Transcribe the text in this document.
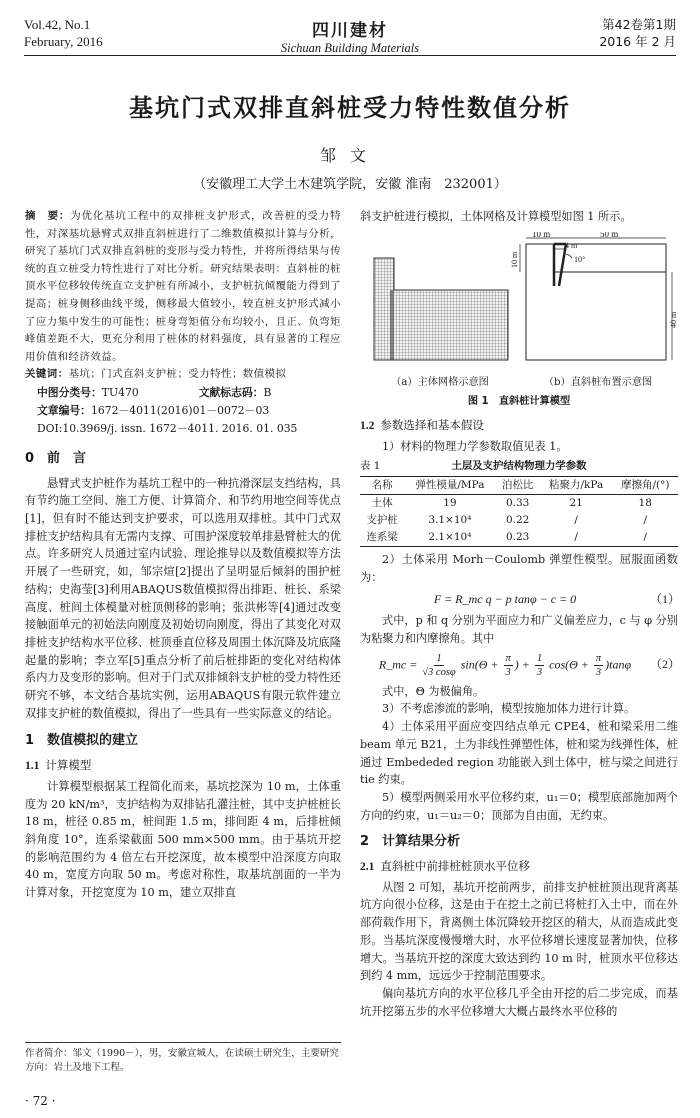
Vol.42, No.1
February, 2016
四川建材
Sichuan Building Materials
第42卷第1期
2016 年 2 月
基坑门式双排直斜桩受力特性数值分析
邹文
（安徽理工大学土木建筑学院，安徽 淮南　232001）
摘　要：为优化基坑工程中的双排桩支护形式，改善桩的受力特性，对深基坑悬臂式双排直斜桩进行了二维数值模拟计算与分析，研究了基坑门式双排直斜桩的变形与受力特性，并将所得结果与传统的直立桩受力特性进行了对比分析。研究结果表明：直斜桩的桩顶水平位移较传统直立支护桩有所减小，支护桩抗倾覆能力得到了提高；桩身侧移曲线平缓，侧移最大值较小，较直桩支护形式减小了应力集中发生的可能性；桩身弯矩值分布均较小，且正、负弯矩峰值差距不大，更充分利用了桩体的材料强度，具有显著的工程应用价值和经济效益。
关键词：基坑；门式直斜支护桩；受力特性；数值模拟
中图分类号：TU470	文献标志码：B
文章编号：1672－4011(2016)01－0072－03
DOI:10.3969/j. issn. 1672－4011. 2016. 01. 035
0　前　言

悬臂式支护桩作为基坑工程中的一种抗滑深层支挡结构，具有节约施工空间、施工方便、计算简介、和节约用地空间等优点[1]，但有时不能达到支护要求，可以选用双排桩。其中门式双排桩支护结构具有无需内支撑、可围护深度较单排悬臂桩大的优点。许多研究人员通过室内试验、理论推导以及数值模拟等方法开展了一些研究，如，邹宗煊[2]提出了呈明显后倾斜的围护桩结构；史海莹[3]利用ABAQUS数值模拟得出排距、桩长、系梁高度、桩间土体模量对桩顶侧移的影响；张洪彬等[4]通过改变接触面单元的初始法向刚度及初始切向刚度，得出了其变化对双排桩支护结构水平位移、桩顶垂直位移及周围土体沉降及坑底隆起量的影响；李立军[5]重点分析了前后桩排距的变化对结构体系内力及变形的影响。但对于门式双排倾斜支护桩的受力特性还研究不够，本文结合基坑实例，运用ABAQUS有限元软件建立双排支护桩的数值模拟，得出了一些具有一些实际意义的结论。

1　数值模拟的建立
1.1 计算模型

计算模型根据某工程简化而来，基坑挖深为 10 m，土体重度为 20 kN/m³，支护结构为双排钻孔灌注桩，其中支护桩桩长 18 m，桩径 0.85 m，桩间距 1.5 m，排间距 4 m，后排桩倾斜角度 10°，连系梁截面 500 mm×500 mm。由于基坑开挖的影响范围约为 4 倍左右开挖深度，故本模型中沿深度方向取 40 m，宽度方向取 50 m。考虑对称性，取基坑剖面的一半为计算对象，开挖宽度为 10 m，建立双排直

作者简介：邹文（1990－），男，安徽宣城人，在读硕士研究生，主要研究方向：岩土及地下工程。
· 72 ·

斜支护桩进行模拟，土体网格及计算模型如图 1 所示。

10 m	50 m
4 m
10°
10 m
40 m
（a）主体网格示意图	（b）直斜桩布置示意图
图 1　直斜桩计算模型
1.2 参数选择和基本假设

1）材料的物理力学参数取值见表 1。

表 1	土层及支护结构物理力学参数
名称	弹性模量/MPa	泊松比	粘聚力/kPa	摩擦角/(°)
土体	19	0.33	21	18
支护桩	3.1×10⁴	0.22	/	/
连系梁	2.1×10⁴	0.23	/	/

2）土体采用 Morh－Coulomb 弹塑性模型。屈服面函数为：

F = R_mc q − p tanφ − c = 0	（1）

式中，p 和 q 分别为平面应力和广义偏差应力，c 与 φ 分别为粘聚力和内摩擦角。其中

R_mc = $\frac{1}{√3 \cos\varphi} \sin(\Theta + \frac{\pi}{3}$ ) + $\frac{1}{3} \cos(\Theta + \frac{\pi}{3} )\tan\varphi$	（2）

式中，Θ 为极偏角。

3）不考虑渗流的影响，模型按施加体力进行计算。

4）土体采用平面应变四结点单元 CPE4，桩和梁采用二维 beam 单元 B21，土为非线性弹塑性体，桩和梁为线弹性体，桩通过 Embededed region 功能嵌入到土体中，桩与梁之间进行 tie 约束。

5）模型两侧采用水平位移约束，u₁＝0；模型底部施加两个方向的约束，u₁＝u₂＝0；顶部为自由面，无约束。

2　计算结果分析
2.1 直斜桩中前排桩桩顶水平位移

从图 2 可知，基坑开挖前两步，前排支护桩桩顶出现背离基坑方向很小位移，这是由于在挖土之前已将桩打入土中，而在外部荷载作用下，背离侧土体沉降较开挖区的稍大，从而造成此变形。当基坑深度慢慢增大时，水平位移增长速度显著加快，位移增大。当基坑开挖的深度大致达到约 10 m 时，桩顶水平位移达到约 4 mm，远远少于控制范围要求。

偏向基坑方向的水平位移几乎全由开挖的后二步完成，而基坑开挖第五步的水平位移增大大概占最终水平位移的
